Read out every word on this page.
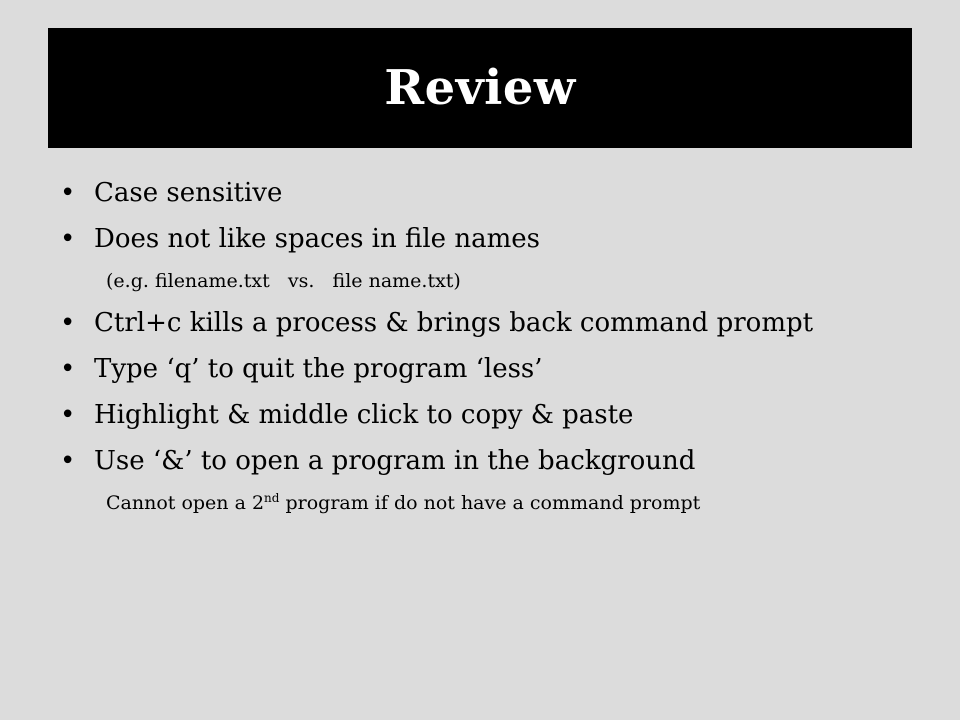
Review
• Case sensitive
• Does not like spaces in file names
(e.g. filename.txt   vs.   file name.txt)
• Ctrl+c kills a process & brings back command prompt
• Type ‘q’ to quit the program ‘less’
• Highlight & middle click to copy & paste
• Use ‘&’ to open a program in the background
Cannot open a 2nd program if do not have a command prompt
